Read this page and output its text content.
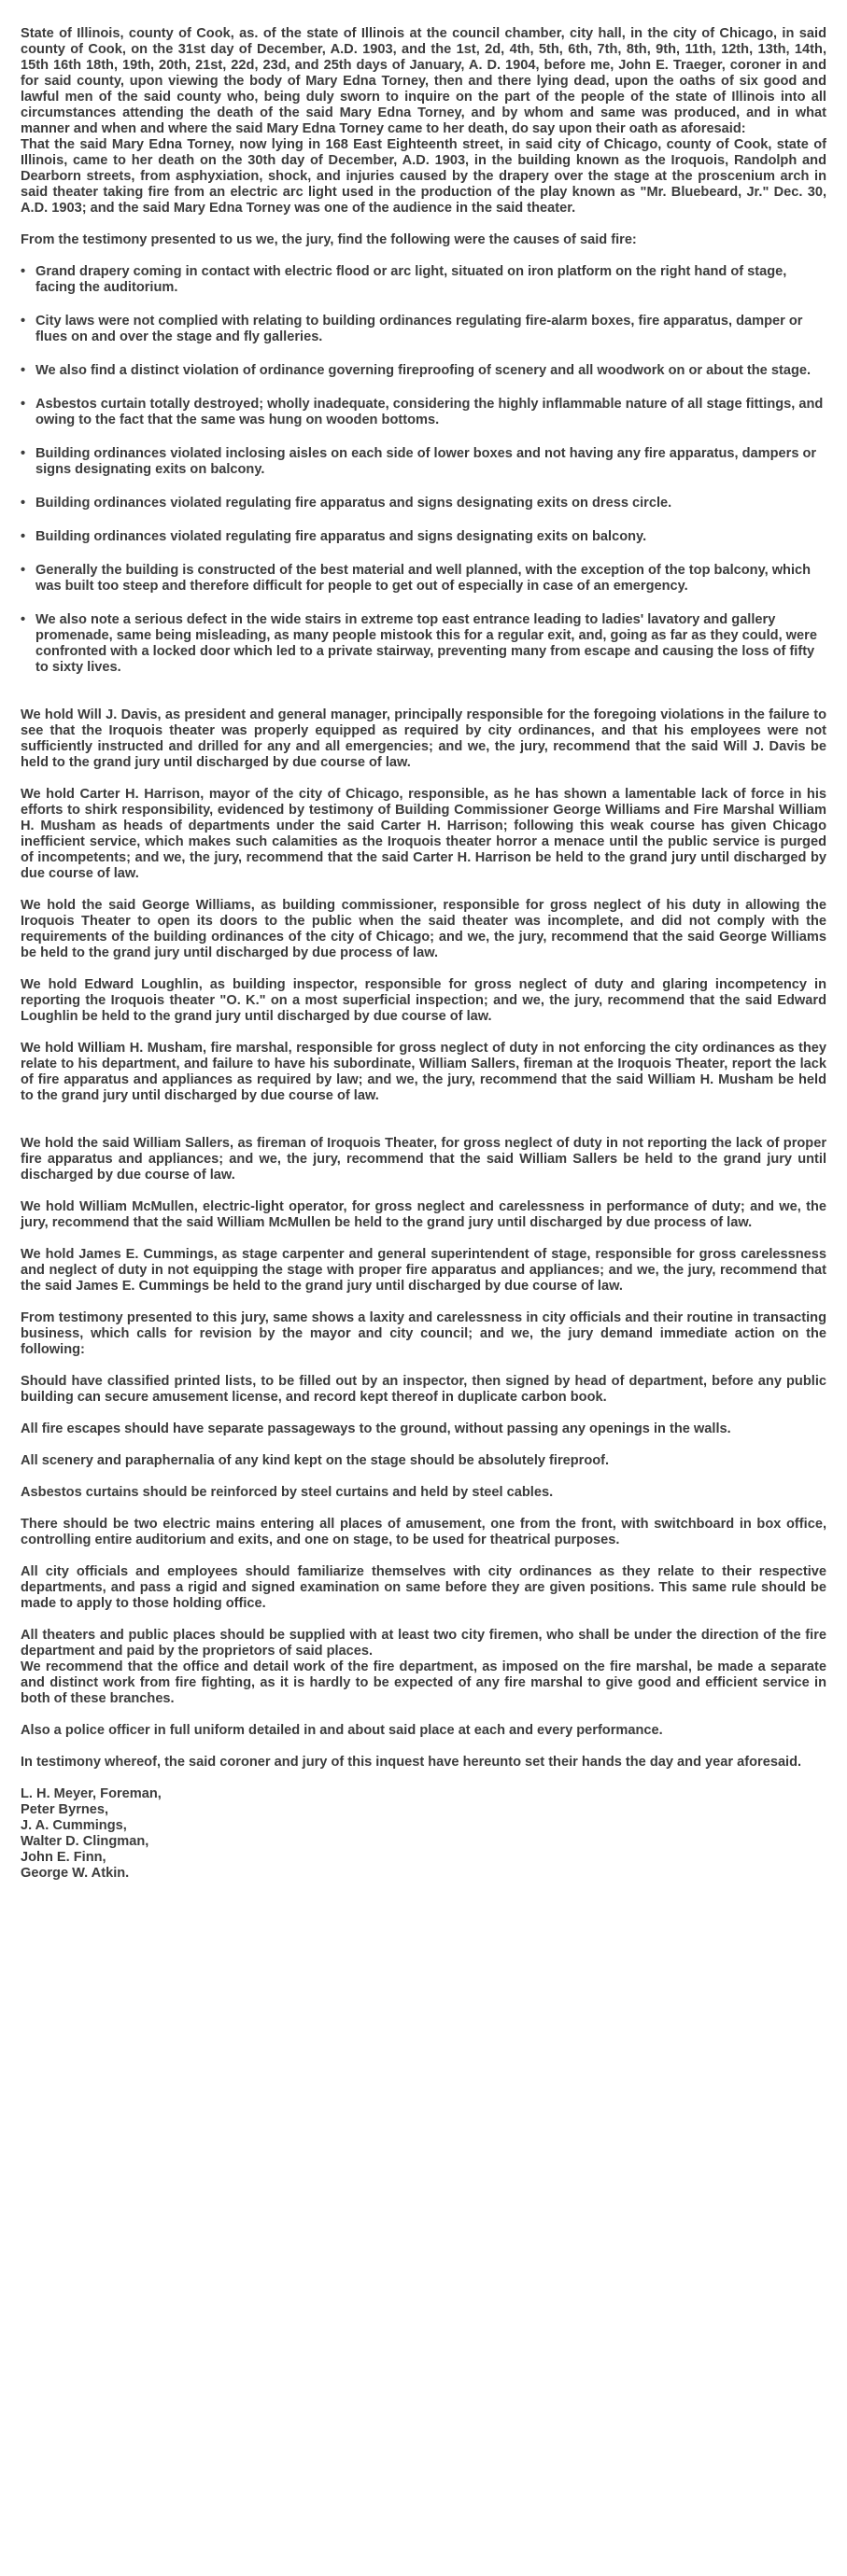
State of Illinois, county of Cook, as. of the state of Illinois at the council chamber, city hall, in the city of Chicago, in said county of Cook, on the 31st day of December, A.D. 1903, and the 1st, 2d, 4th, 5th, 6th, 7th, 8th, 9th, 11th, 12th, 13th, 14th, 15th 16th 18th, 19th, 20th, 21st, 22d, 23d, and 25th days of January, A. D. 1904, before me, John E. Traeger, coroner in and for said county, upon viewing the body of Mary Edna Torney, then and there lying dead, upon the oaths of six good and lawful men of the said county who, being duly sworn to inquire on the part of the people of the state of Illinois into all circumstances attending the death of the said Mary Edna Torney, and by whom and same was produced, and in what manner and when and where the said Mary Edna Torney came to her death, do say upon their oath as aforesaid:

That the said Mary Edna Torney, now lying in 168 East Eighteenth street, in said city of Chicago, county of Cook, state of Illinois, came to her death on the 30th day of December, A.D. 1903, in the building known as the Iroquois, Randolph and Dearborn streets, from asphyxiation, shock, and injuries caused by the drapery over the stage at the proscenium arch in said theater taking fire from an electric arc light used in the production of the play known as "Mr. Bluebeard, Jr." Dec. 30, A.D. 1903; and the said Mary Edna Torney was one of the audience in the said theater.

From the testimony presented to us we, the jury, find the following were the causes of said fire:

• Grand drapery coming in contact with electric flood or arc light, situated on iron platform on the right hand of stage, facing the auditorium.
• City laws were not complied with relating to building ordinances regulating fire-alarm boxes, fire apparatus, damper or flues on and over the stage and fly galleries.
• We also find a distinct violation of ordinance governing fireproofing of scenery and all woodwork on or about the stage.
• Asbestos curtain totally destroyed; wholly inadequate, considering the highly inflammable nature of all stage fittings, and owing to the fact that the same was hung on wooden bottoms.
• Building ordinances violated inclosing aisles on each side of lower boxes and not having any fire apparatus, dampers or signs designating exits on balcony.
• Building ordinances violated regulating fire apparatus and signs designating exits on dress circle.
• Building ordinances violated regulating fire apparatus and signs designating exits on balcony.
• Generally the building is constructed of the best material and well planned, with the exception of the top balcony, which was built too steep and therefore difficult for people to get out of especially in case of an emergency.
• We also note a serious defect in the wide stairs in extreme top east entrance leading to ladies' lavatory and gallery promenade, same being misleading, as many people mistook this for a regular exit, and, going as far as they could, were confronted with a locked door which led to a private stairway, preventing many from escape and causing the loss of fifty to sixty lives.

We hold Will J. Davis, as president and general manager, principally responsible for the foregoing violations in the failure to see that the Iroquois theater was properly equipped as required by city ordinances, and that his employees were not sufficiently instructed and drilled for any and all emergencies; and we, the jury, recommend that the said Will J. Davis be held to the grand jury until discharged by due course of law.

We hold Carter H. Harrison, mayor of the city of Chicago, responsible, as he has shown a lamentable lack of force in his efforts to shirk responsibility, evidenced by testimony of Building Commissioner George Williams and Fire Marshal William H. Musham as heads of departments under the said Carter H. Harrison; following this weak course has given Chicago inefficient service, which makes such calamities as the Iroquois theater horror a menace until the public service is purged of incompetents; and we, the jury, recommend that the said Carter H. Harrison be held to the grand jury until discharged by due course of law.

We hold the said George Williams, as building commissioner, responsible for gross neglect of his duty in allowing the Iroquois Theater to open its doors to the public when the said theater was incomplete, and did not comply with the requirements of the building ordinances of the city of Chicago; and we, the jury, recommend that the said George Williams be held to the grand jury until discharged by due process of law.

We hold Edward Loughlin, as building inspector, responsible for gross neglect of duty and glaring incompetency in reporting the Iroquois theater "O. K." on a most superficial inspection; and we, the jury, recommend that the said Edward Loughlin be held to the grand jury until discharged by due course of law.

We hold William H. Musham, fire marshal, responsible for gross neglect of duty in not enforcing the city ordinances as they relate to his department, and failure to have his subordinate, William Sallers, fireman at the Iroquois Theater, report the lack of fire apparatus and appliances as required by law; and we, the jury, recommend that the said William H. Musham be held to the grand jury until discharged by due course of law.

We hold the said William Sallers, as fireman of Iroquois Theater, for gross neglect of duty in not reporting the lack of proper fire apparatus and appliances; and we, the jury, recommend that the said William Sallers be held to the grand jury until discharged by due course of law.

We hold William McMullen, electric-light operator, for gross neglect and carelessness in performance of duty; and we, the jury, recommend that the said William McMullen be held to the grand jury until discharged by due process of law.

We hold James E. Cummings, as stage carpenter and general superintendent of stage, responsible for gross carelessness and neglect of duty in not equipping the stage with proper fire apparatus and appliances; and we, the jury, recommend that the said James E. Cummings be held to the grand jury until discharged by due course of law.

From testimony presented to this jury, same shows a laxity and carelessness in city officials and their routine in transacting business, which calls for revision by the mayor and city council; and we, the jury demand immediate action on the following:

Should have classified printed lists, to be filled out by an inspector, then signed by head of department, before any public building can secure amusement license, and record kept thereof in duplicate carbon book.

All fire escapes should have separate passageways to the ground, without passing any openings in the walls.

All scenery and paraphernalia of any kind kept on the stage should be absolutely fireproof.

Asbestos curtains should be reinforced by steel curtains and held by steel cables.

There should be two electric mains entering all places of amusement, one from the front, with switchboard in box office, controlling entire auditorium and exits, and one on stage, to be used for theatrical purposes.

All city officials and employees should familiarize themselves with city ordinances as they relate to their respective departments, and pass a rigid and signed examination on same before they are given positions. This same rule should be made to apply to those holding office.

All theaters and public places should be supplied with at least two city firemen, who shall be under the direction of the fire department and paid by the proprietors of said places.

We recommend that the office and detail work of the fire department, as imposed on the fire marshal, be made a separate and distinct work from fire fighting, as it is hardly to be expected of any fire marshal to give good and efficient service in both of these branches.

Also a police officer in full uniform detailed in and about said place at each and every performance.

In testimony whereof, the said coroner and jury of this inquest have hereunto set their hands the day and year aforesaid.

L. H. Meyer, Foreman,
Peter Byrnes,
J. A. Cummings,
Walter D. Clingman,
John E. Finn,
George W. Atkin.
